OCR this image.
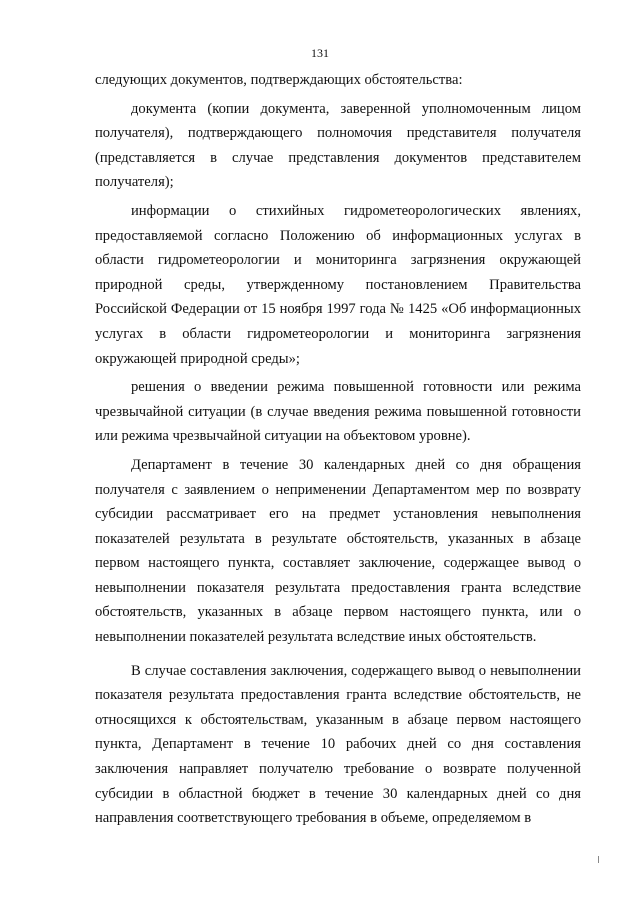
131

следующих документов, подтверждающих обстоятельства:

документа (копии документа, заверенной уполномоченным лицом получателя), подтверждающего полномочия представителя получателя (представляется в случае представления документов представителем получателя);

информации о стихийных гидрометеорологических явлениях, предоставляемой согласно Положению об информационных услугах в области гидрометеорологии и мониторинга загрязнения окружающей природной среды, утвержденному постановлением Правительства Российской Федерации от 15 ноября 1997 года № 1425 «Об информационных услугах в области гидрометеорологии и мониторинга загрязнения окружающей природной среды»;

решения о введении режима повышенной готовности или режима чрезвычайной ситуации (в случае введения режима повышенной готовности или режима чрезвычайной ситуации на объектовом уровне).

Департамент в течение 30 календарных дней со дня обращения получателя с заявлением о неприменении Департаментом мер по возврату субсидии рассматривает его на предмет установления невыполнения показателей результата в результате обстоятельств, указанных в абзаце первом настоящего пункта, составляет заключение, содержащее вывод о невыполнении показателя результата предоставления гранта вследствие обстоятельств, указанных в абзаце первом настоящего пункта, или о невыполнении показателей результата вследствие иных обстоятельств.

В случае составления заключения, содержащего вывод о невыполнении показателя результата предоставления гранта вследствие обстоятельств, не относящихся к обстоятельствам, указанным в абзаце первом настоящего пункта, Департамент в течение 10 рабочих дней со дня составления заключения направляет получателю требование о возврате полученной субсидии в областной бюджет в течение 30 календарных дней со дня направления соответствующего требования в объеме, определяемом в
